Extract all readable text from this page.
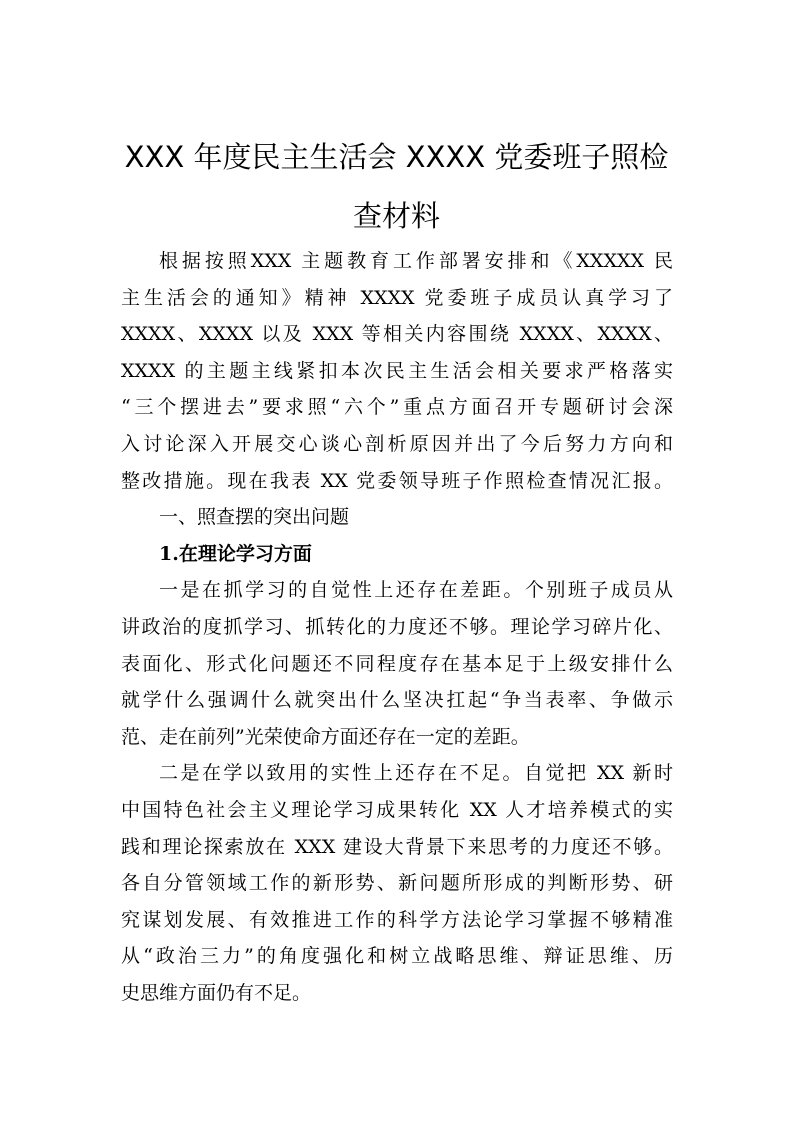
XXX 年度民主生活会 XXXX 党委班子照检
查材料
根据按照XXX 主题教育工作部署安排和《XXXXX 民
主生活会的通知》精神 XXXX 党委班子成员认真学习了
XXXX、XXXX 以及 XXX 等相关内容围绕 XXXX、XXXX、
XXXX 的主题主线紧扣本次民主生活会相关要求严格落实
“三个摆进去”要求照“六个”重点方面召开专题研讨会深
入讨论深入开展交心谈心剖析原因并出了今后努力方向和
整改措施。现在我表 XX 党委领导班子作照检查情况汇报。
一、照查摆的突出问题
1.在理论学习方面
一是在抓学习的自觉性上还存在差距。个别班子成员从
讲政治的度抓学习、抓转化的力度还不够。理论学习碎片化、
表面化、形式化问题还不同程度存在基本足于上级安排什么
就学什么强调什么就突出什么坚决扛起“争当表率、争做示
范、走在前列”光荣使命方面还存在一定的差距。
二是在学以致用的实性上还存在不足。自觉把 XX 新时
中国特色社会主义理论学习成果转化 XX 人才培养模式的实
践和理论探索放在 XXX 建设大背景下来思考的力度还不够。
各自分管领域工作的新形势、新问题所形成的判断形势、研
究谋划发展、有效推进工作的科学方法论学习掌握不够精准
从“政治三力”的角度强化和树立战略思维、辩证思维、历
史思维方面仍有不足。
